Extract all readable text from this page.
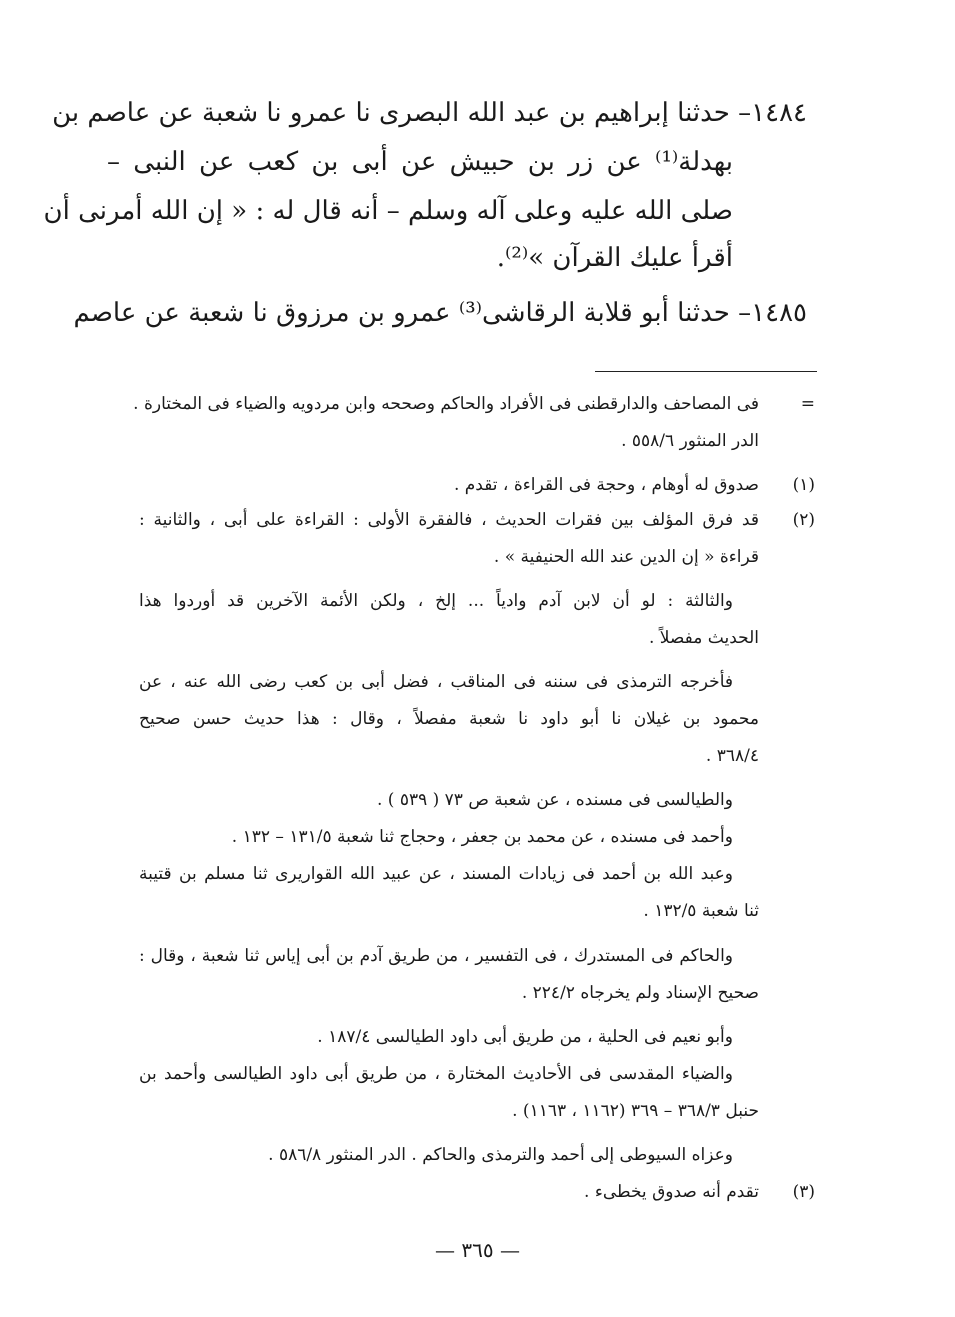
١٤٨٤– حدثنا إبراهيم بن عبد الله البصرى نا عمرو نا شعبة عن عاصم بن
بهدلة⁽¹⁾ عن زر بن حبيش عن أبى بن كعب عن النبى –
صلى الله عليه وعلى آله وسلم – أنه قال له : « إن الله أمرنى أن
أقرأ عليك القرآن »⁽²⁾.
١٤٨٥– حدثنا أبو قلابة الرقاشى⁽³⁾ عمرو بن مرزوق نا شعبة عن عاصم
=
فى المصاحف والدارقطنى فى الأفراد والحاكم وصححه وابن مردويه والضياء فى المختارة .
الدر المنثور ٥٥٨/٦ .
(١)
صدوق له أوهام ، وحجة فى القراءة ، تقدم .
(٢)
قد فرق المؤلف بين فقرات الحديث ، فالفقرة الأولى : القراءة على أبى ، والثانية :
قراءة « إن الدين عند الله الحنيفية » .
والثالثة : لو أن لابن آدم وادياً ... إلخ ، ولكن الأئمة الآخرين قد أوردوا هذا
الحديث مفصلاً .
فأخرجه الترمذى فى سننه فى المناقب ، فضل أبى بن كعب رضى الله عنه ، عن
محمود بن غيلان نا أبو داود نا شعبة مفصلاً ، وقال : هذا حديث حسن صحيح
٣٦٨/٤ .
والطيالسى فى مسنده ، عن شعبة ص ٧٣ ( ٥٣٩ ) .
وأحمد فى مسنده ، عن محمد بن جعفر ، وحجاج ثنا شعبة ١٣١/٥ – ١٣٢ .
وعبد الله بن أحمد فى زيادات المسند ، عن عبيد الله القواريرى ثنا مسلم بن قتيبة
ثنا شعبة ١٣٢/٥ .
والحاكم فى المستدرك ، فى التفسير ، من طريق آدم بن أبى إياس ثنا شعبة ، وقال :
صحيح الإسناد ولم يخرجاه ٢٢٤/٢ .
وأبو نعيم فى الحلية ، من طريق أبى داود الطيالسى ١٨٧/٤ .
والضياء المقدسى فى الأحاديث المختارة ، من طريق أبى داود الطيالسى وأحمد بن
حنبل ٣٦٨/٣ – ٣٦٩ (١١٦٢ ، ١١٦٣) .
وعزاه السيوطى إلى أحمد والترمذى والحاكم . الدر المنثور ٥٨٦/٨ .
(٣)
تقدم أنه صدوق يخطىء .
— ٣٦٥ —
